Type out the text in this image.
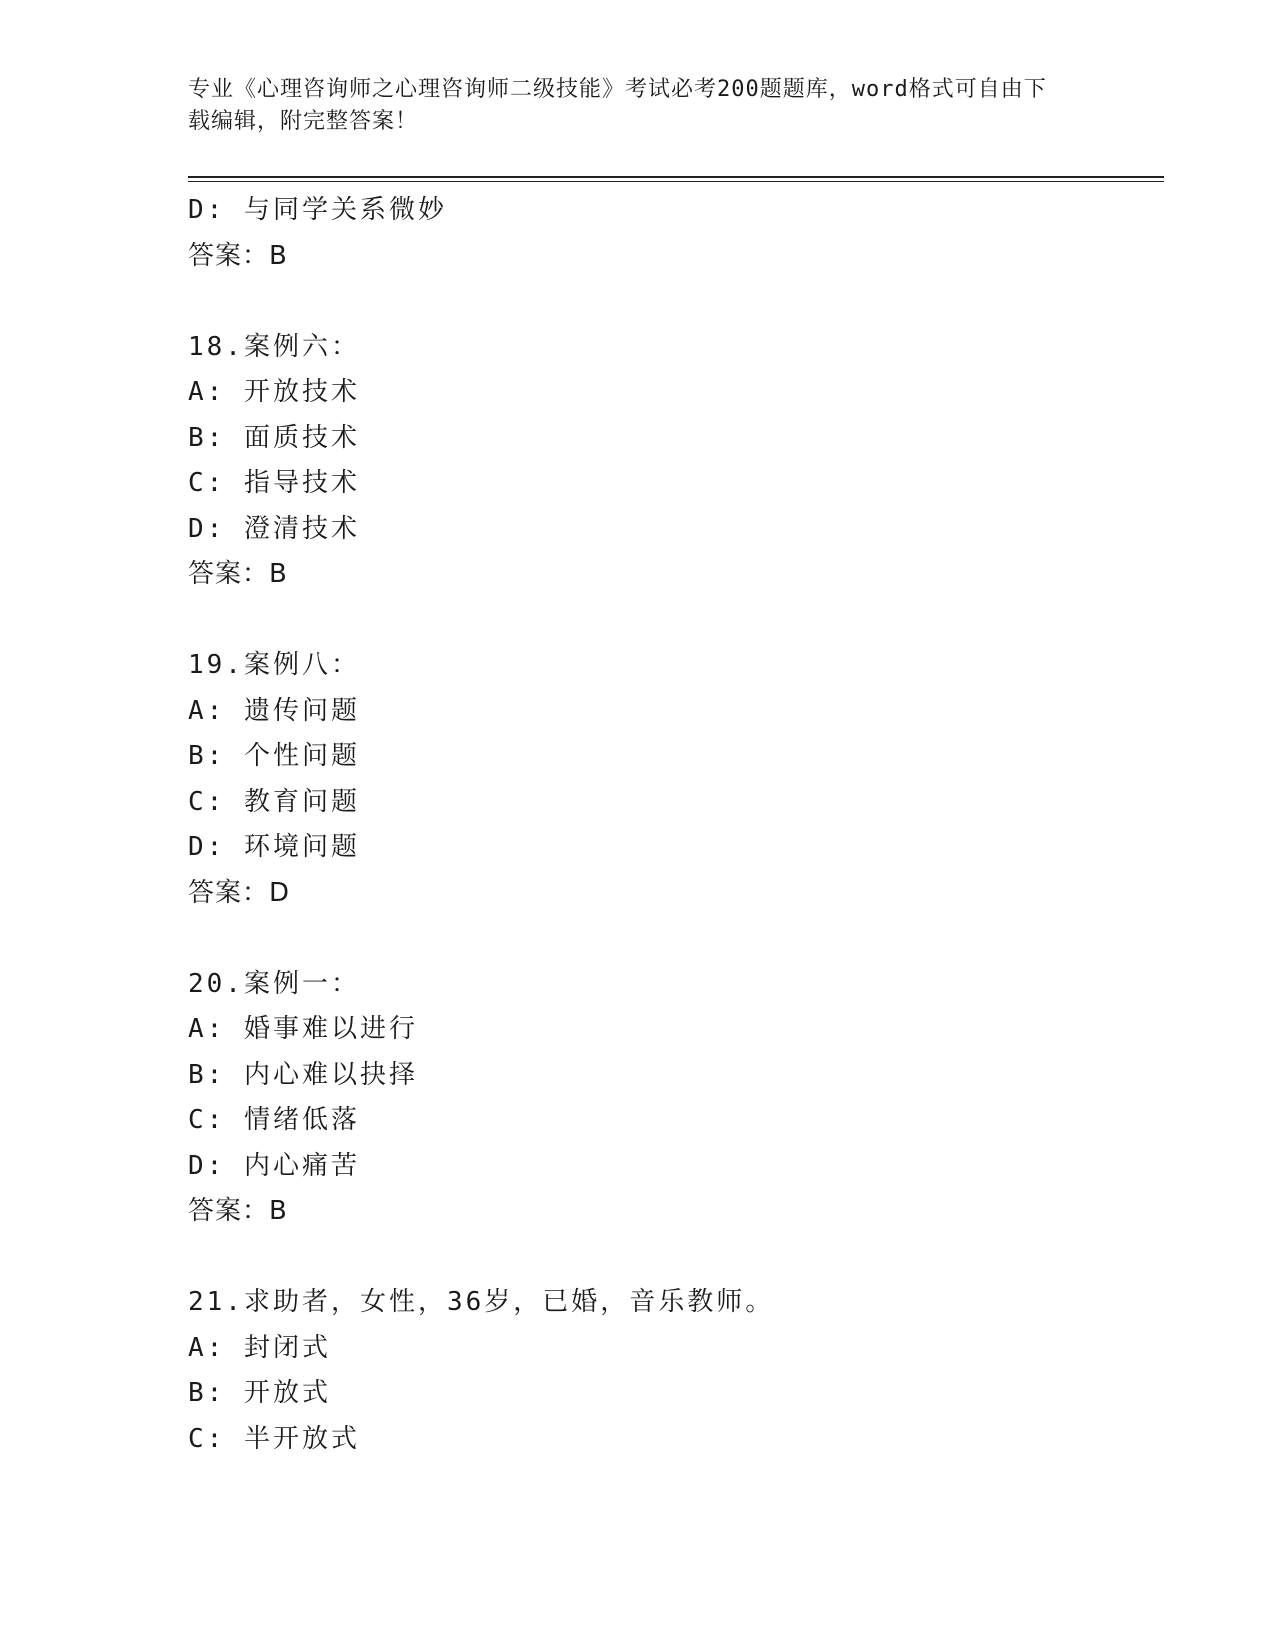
专业《心理咨询师之心理咨询师二级技能》考试必考200题题库，word格式可自由下载编辑，附完整答案！
D: 与同学关系微妙
答案：B
18.案例六：
A: 开放技术
B: 面质技术
C: 指导技术
D: 澄清技术
答案：B
19.案例八：
A: 遗传问题
B: 个性问题
C: 教育问题
D: 环境问题
答案：D
20.案例一：
A: 婚事难以进行
B: 内心难以抉择
C: 情绪低落
D: 内心痛苦
答案：B
21.求助者，女性，36岁，已婚，音乐教师。
A: 封闭式
B: 开放式
C: 半开放式
